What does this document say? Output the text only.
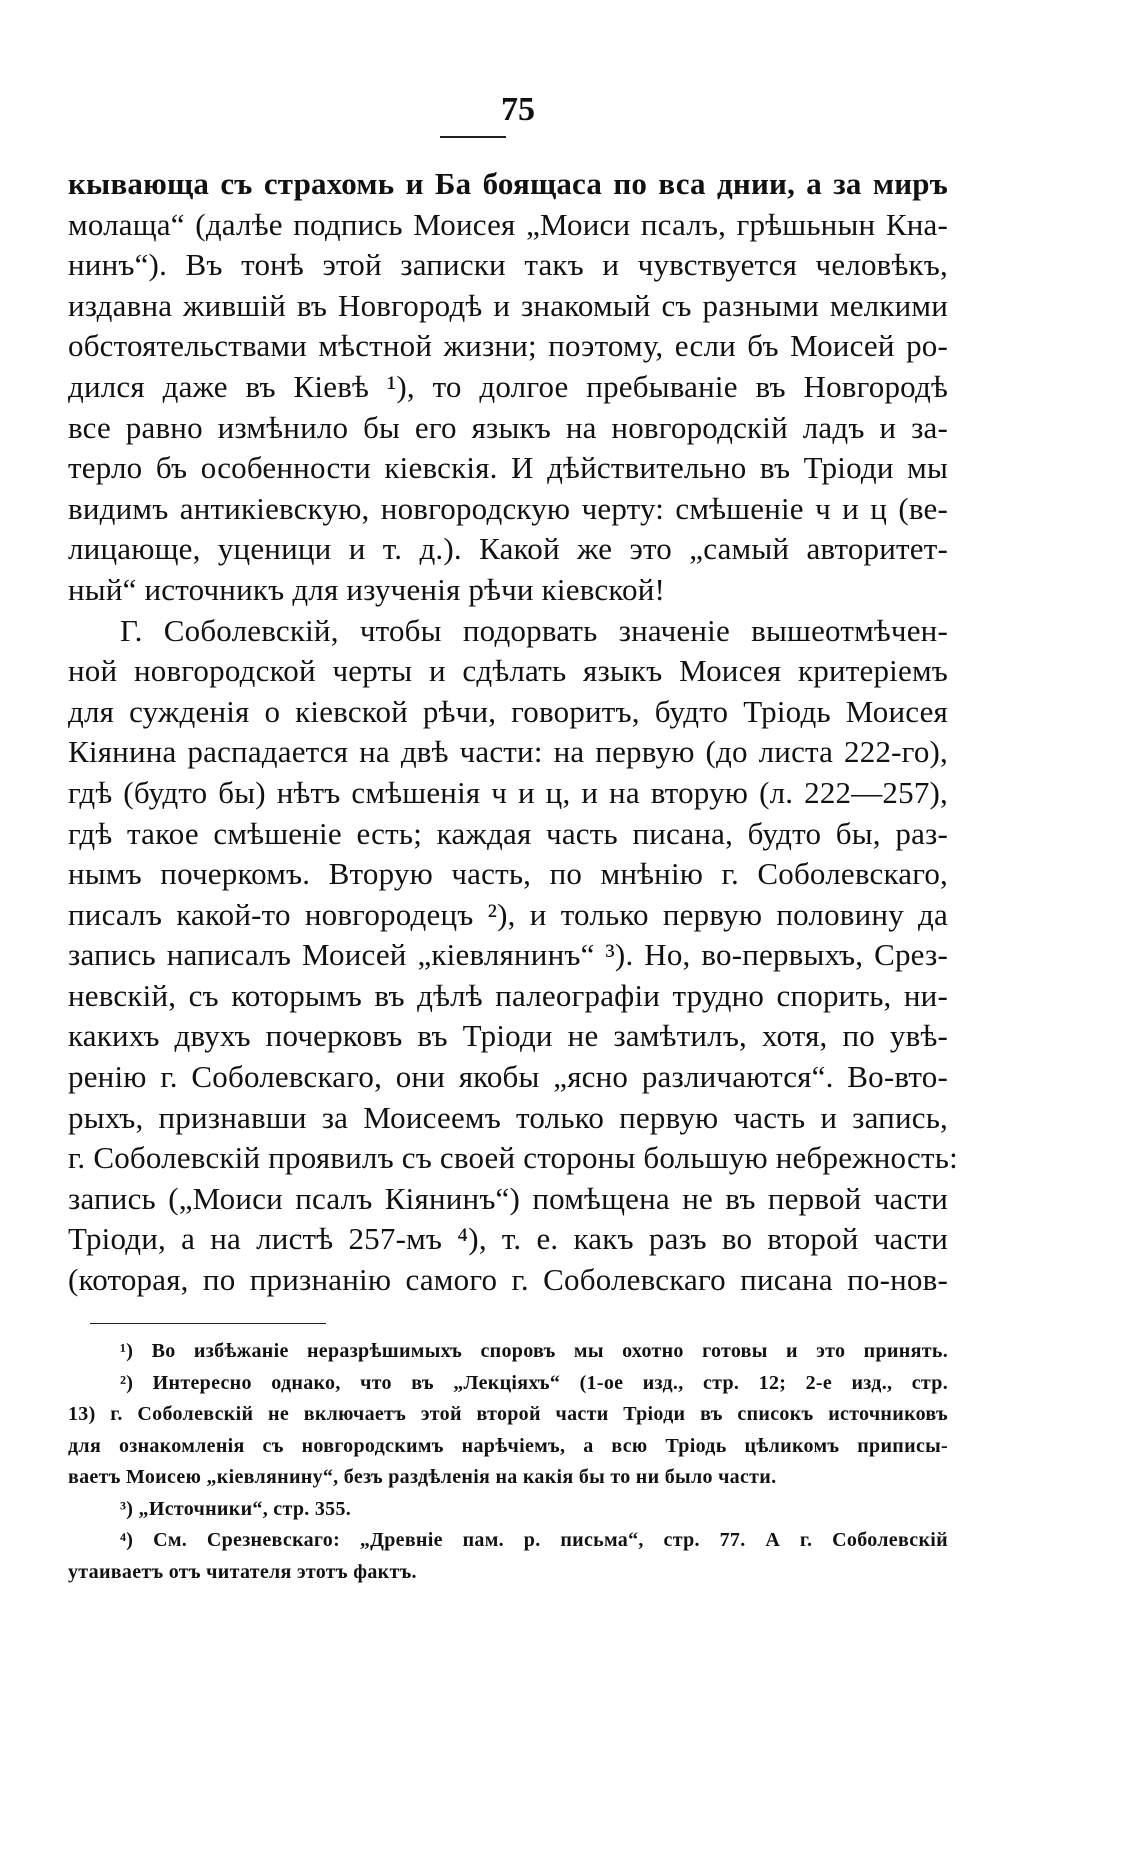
75
кывающа съ страхомь и Ба боящаса по вса днии, а за миръ
молаща“ (далѣе подпись Моисея „Моиси псалъ, грѣшьнын Кна-
нинъ“). Въ тонѣ этой записки такъ и чувствуется человѣкъ,
издавна жившій въ Новгородѣ и знакомый съ разными мелкими
обстоятельствами мѣстной жизни; поэтому, если бъ Моисей ро-
дился даже въ Кіевѣ ¹), то долгое пребываніе въ Новгородѣ
все равно измѣнило бы его языкъ на новгородскій ладъ и за-
терло бъ особенности кіевскія. И дѣйствительно въ Тріоди мы
видимъ антикіевскую, новгородскую черту: смѣшеніе ч и ц (ве-
лицающе, уценици и т. д.). Какой же это „самый авторитет-
ный“ источникъ для изученія рѣчи кіевской!
Г. Соболевскій, чтобы подорвать значеніе вышеотмѣчен-
ной новгородской черты и сдѣлать языкъ Моисея критеріемъ
для сужденія о кіевской рѣчи, говоритъ, будто Тріодь Моисея
Кіянина распадается на двѣ части: на первую (до листа 222-го),
гдѣ (будто бы) нѣтъ смѣшенія ч и ц, и на вторую (л. 222—257),
гдѣ такое смѣшеніе есть; каждая часть писана, будто бы, раз-
нымъ почеркомъ. Вторую часть, по мнѣнію г. Соболевскаго,
писалъ какой-то новгородецъ ²), и только первую половину да
запись написалъ Моисей „кіевлянинъ“ ³). Но, во-первыхъ, Срез-
невскій, съ которымъ въ дѣлѣ палеографіи трудно спорить, ни-
какихъ двухъ почерковъ въ Тріоди не замѣтилъ, хотя, по увѣ-
ренію г. Соболевскаго, они якобы „ясно различаются“. Во-вто-
рыхъ, признавши за Моисеемъ только первую часть и запись,
г. Соболевскій проявилъ съ своей стороны большую небрежность:
запись („Моиси псалъ Кіянинъ“) помѣщена не въ первой части
Тріоди, а на листѣ 257-мъ ⁴), т. е. какъ разъ во второй части
(которая, по признанію самого г. Соболевскаго писана по-нов-
¹) Во избѣжаніе неразрѣшимыхъ споровъ мы охотно готовы и это принять.
²) Интересно однако, что въ „Лекціяхъ“ (1-ое изд., стр. 12; 2-е изд., стр.
13) г. Соболевскій не включаетъ этой второй части Тріоди въ списокъ источниковъ
для ознакомленія съ новгородскимъ нарѣчіемъ, а всю Тріодь цѣликомъ приписы-
ваетъ Моисею „кіевлянину“, безъ раздѣленія на какія бы то ни было части.
³) „Источники“, стр. 355.
⁴) См. Срезневскаго: „Древніе пам. р. письма“, стр. 77. А г. Соболевскій
утаиваетъ отъ читателя этотъ фактъ.
